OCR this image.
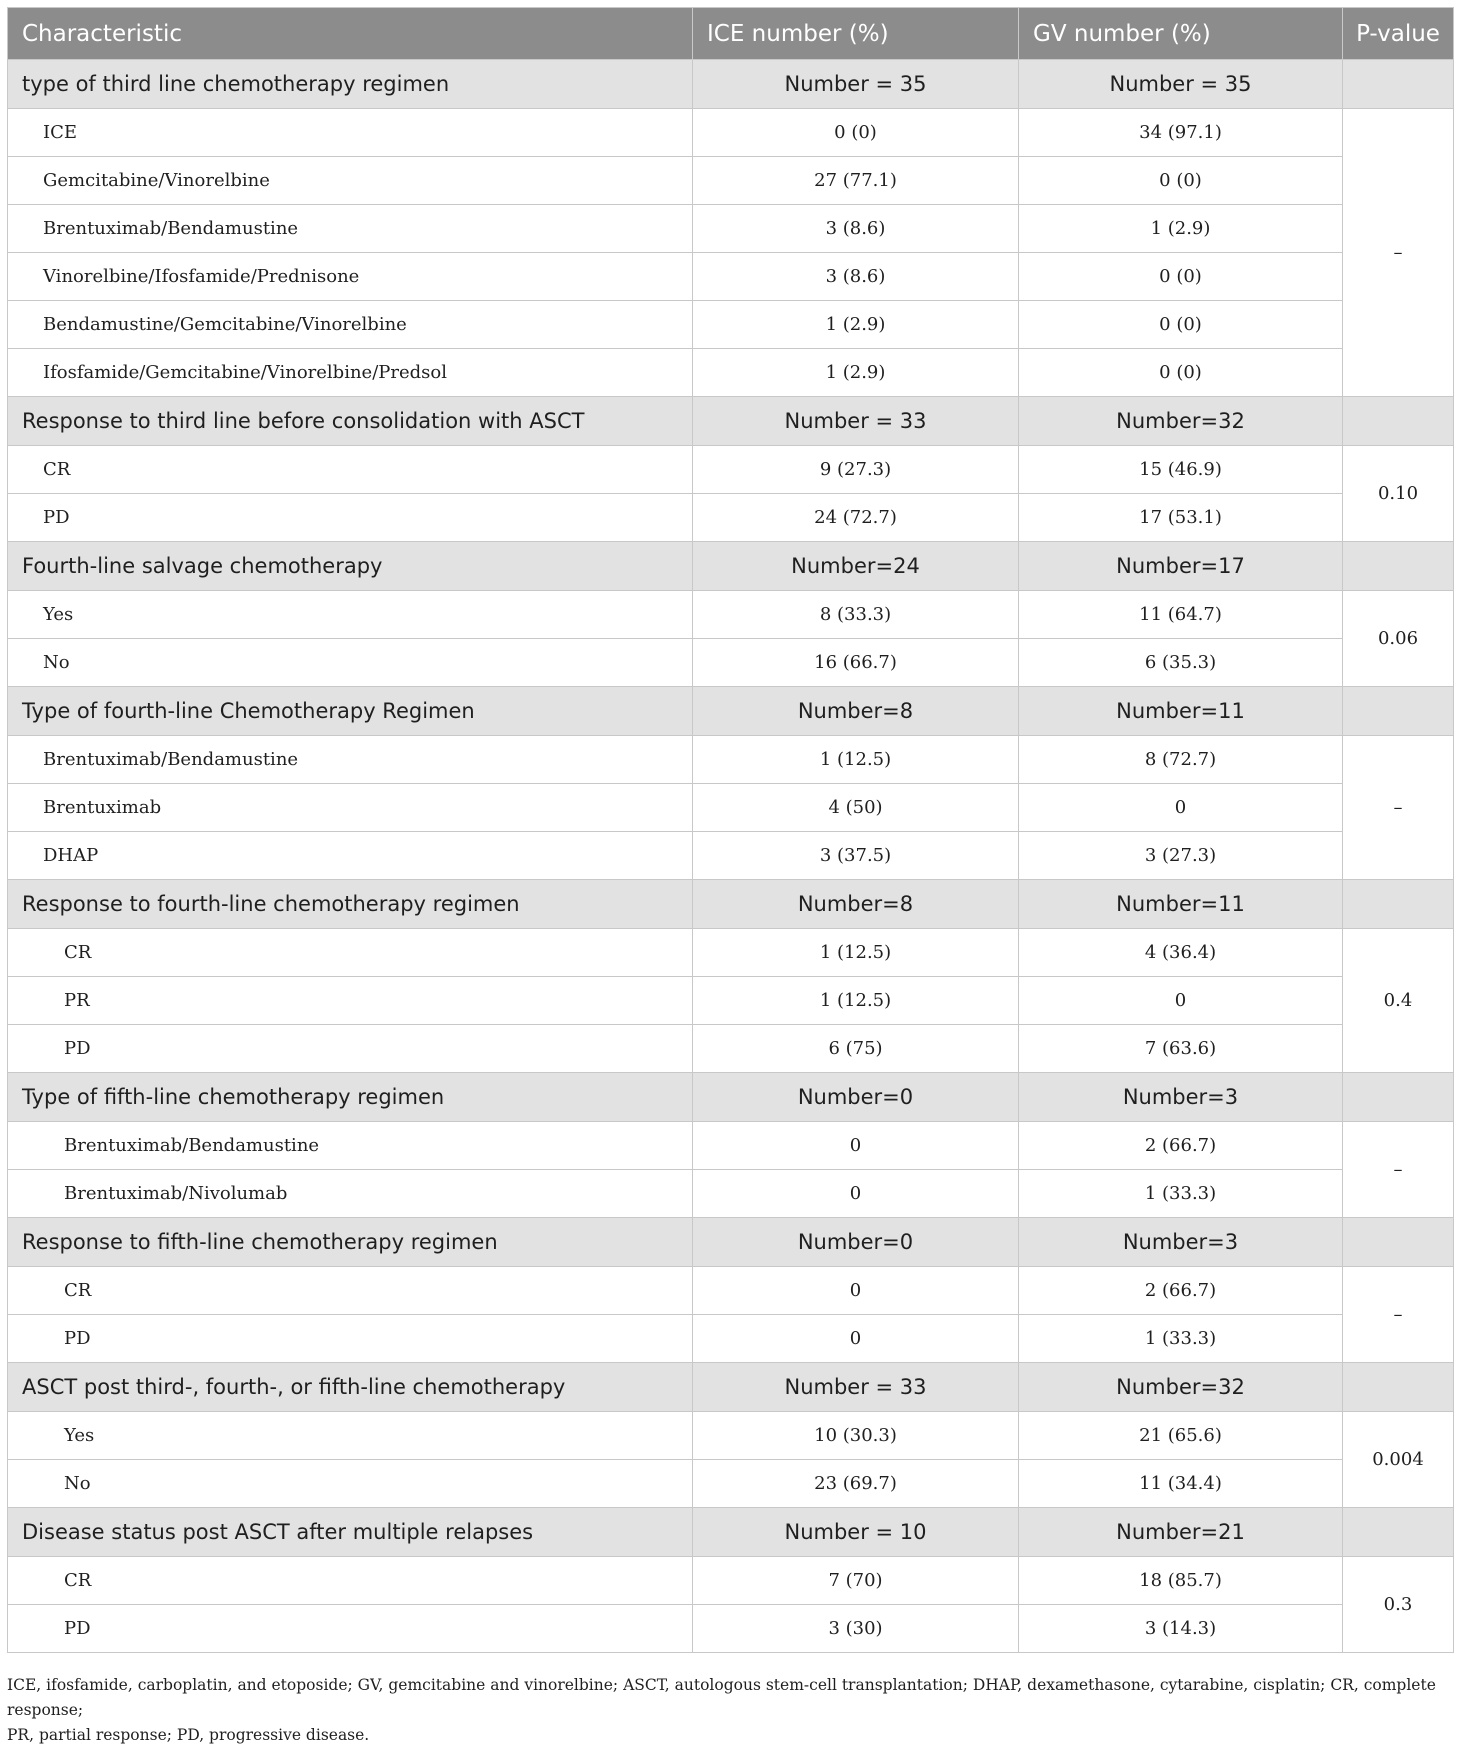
Characteristic	ICE number (%)	GV number (%)	P-value
type of third line chemotherapy regimen	Number = 35	Number = 35	
ICE	0 (0)	34 (97.1)	–
Gemcitabine/Vinorelbine	27 (77.1)	0 (0)	
Brentuximab/Bendamustine	3 (8.6)	1 (2.9)	
Vinorelbine/Ifosfamide/Prednisone	3 (8.6)	0 (0)	
Bendamustine/Gemcitabine/Vinorelbine	1 (2.9)	0 (0)	
Ifosfamide/Gemcitabine/Vinorelbine/Predsol	1 (2.9)	0 (0)	
Response to third line before consolidation with ASCT	Number = 33	Number=32	
CR	9 (27.3)	15 (46.9)	0.10
PD	24 (72.7)	17 (53.1)	
Fourth-line salvage chemotherapy	Number=24	Number=17	
Yes	8 (33.3)	11 (64.7)	0.06
No	16 (66.7)	6 (35.3)	
Type of fourth-line Chemotherapy Regimen	Number=8	Number=11	
Brentuximab/Bendamustine	1 (12.5)	8 (72.7)	–
Brentuximab	4 (50)	0	
DHAP	3 (37.5)	3 (27.3)	
Response to fourth-line chemotherapy regimen	Number=8	Number=11	
CR	1 (12.5)	4 (36.4)	0.4
PR	1 (12.5)	0	
PD	6 (75)	7 (63.6)	
Type of fifth-line chemotherapy regimen	Number=0	Number=3	
Brentuximab/Bendamustine	0	2 (66.7)	–
Brentuximab/Nivolumab	0	1 (33.3)	
Response to fifth-line chemotherapy regimen	Number=0	Number=3	
CR	0	2 (66.7)	–
PD	0	1 (33.3)	
ASCT post third-, fourth-, or fifth-line chemotherapy	Number = 33	Number=32	
Yes	10 (30.3)	21 (65.6)	0.004
No	23 (69.7)	11 (34.4)	
Disease status post ASCT after multiple relapses	Number = 10	Number=21	
CR	7 (70)	18 (85.7)	0.3
PD	3 (30)	3 (14.3)	
ICE, ifosfamide, carboplatin, and etoposide; GV, gemcitabine and vinorelbine; ASCT, autologous stem-cell transplantation; DHAP, dexamethasone, cytarabine, cisplatin; CR, complete response;
PR, partial response; PD, progressive disease.
